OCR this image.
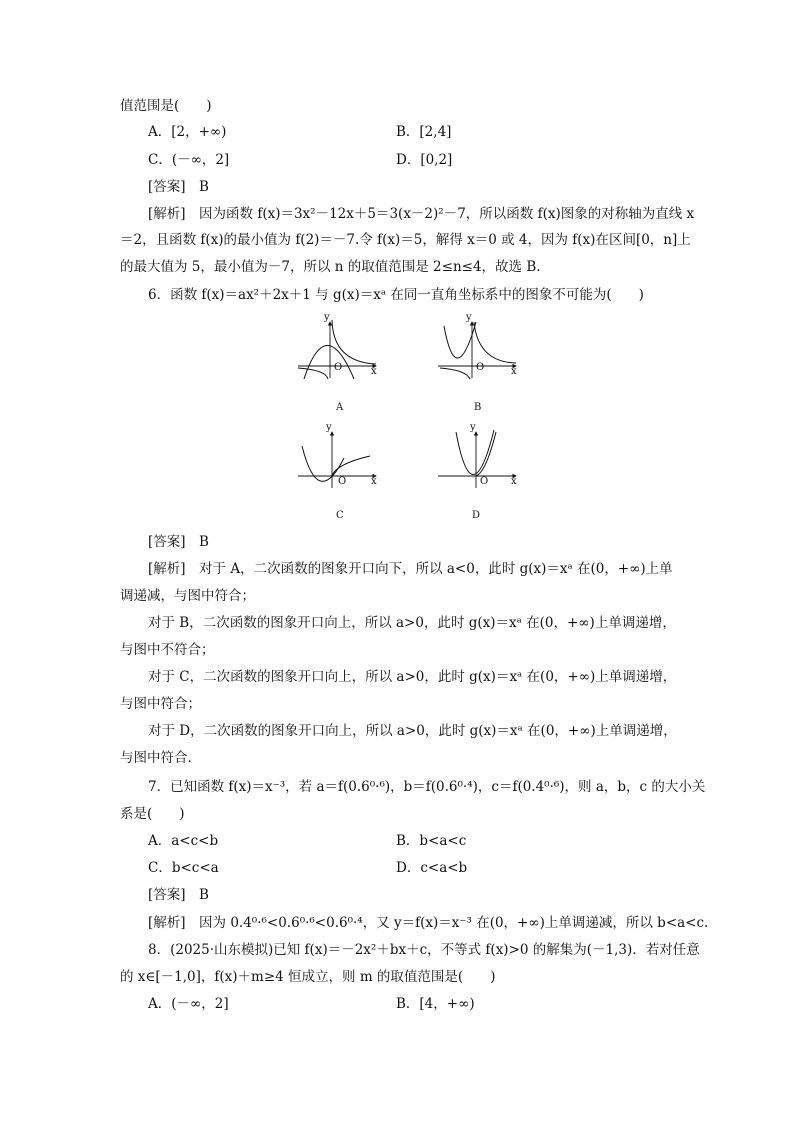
值范围是(　　)
A．[2，+∞)	B．[2,4]
C．(－∞，2]	D．[0,2]
[答案]　B
[解析]　因为函数 f(x)＝3x²－12x＋5＝3(x－2)²－7，所以函数 f(x)图象的对称轴为直线 x
＝2，且函数 f(x)的最小值为 f(2)＝－7.令 f(x)＝5，解得 x＝0 或 4，因为 f(x)在区间[0，n]上
的最大值为 5，最小值为－7，所以 n 的取值范围是 2≤n≤4，故选 B.
6．函数 f(x)＝ax²＋2x＋1 与 g(x)＝xᵃ 在同一直角坐标系中的图象不可能为(　　)
y
x
O
A
y
x
O
B
y
x
O
C
y
x
O
D
[答案]　B
[解析]　对于 A，二次函数的图象开口向下，所以 a<0，此时 g(x)＝xᵃ 在(0，+∞)上单
调递减，与图中符合；
对于 B，二次函数的图象开口向上，所以 a>0，此时 g(x)＝xᵃ 在(0，+∞)上单调递增，
与图中不符合；
对于 C，二次函数的图象开口向上，所以 a>0，此时 g(x)＝xᵃ 在(0，+∞)上单调递增，
与图中符合；
对于 D，二次函数的图象开口向上，所以 a>0，此时 g(x)＝xᵃ 在(0，+∞)上单调递增，
与图中符合．
7．已知函数 f(x)＝x⁻³，若 a＝f(0.6⁰·⁶)，b＝f(0.6⁰·⁴)，c＝f(0.4⁰·⁶)，则 a，b，c 的大小关
系是(　　)
A．a<c<b	B．b<a<c
C．b<c<a	D．c<a<b
[答案]　B
[解析]　因为 0.4⁰·⁶<0.6⁰·⁶<0.6⁰·⁴，又 y＝f(x)＝x⁻³ 在(0，+∞)上单调递减，所以 b<a<c.
8．(2025·山东模拟)已知 f(x)＝－2x²＋bx＋c，不等式 f(x)>0 的解集为(－1,3)．若对任意
的 x∈[－1,0]，f(x)＋m≥4 恒成立，则 m 的取值范围是(　　)
A．(－∞，2]	B．[4，+∞)
